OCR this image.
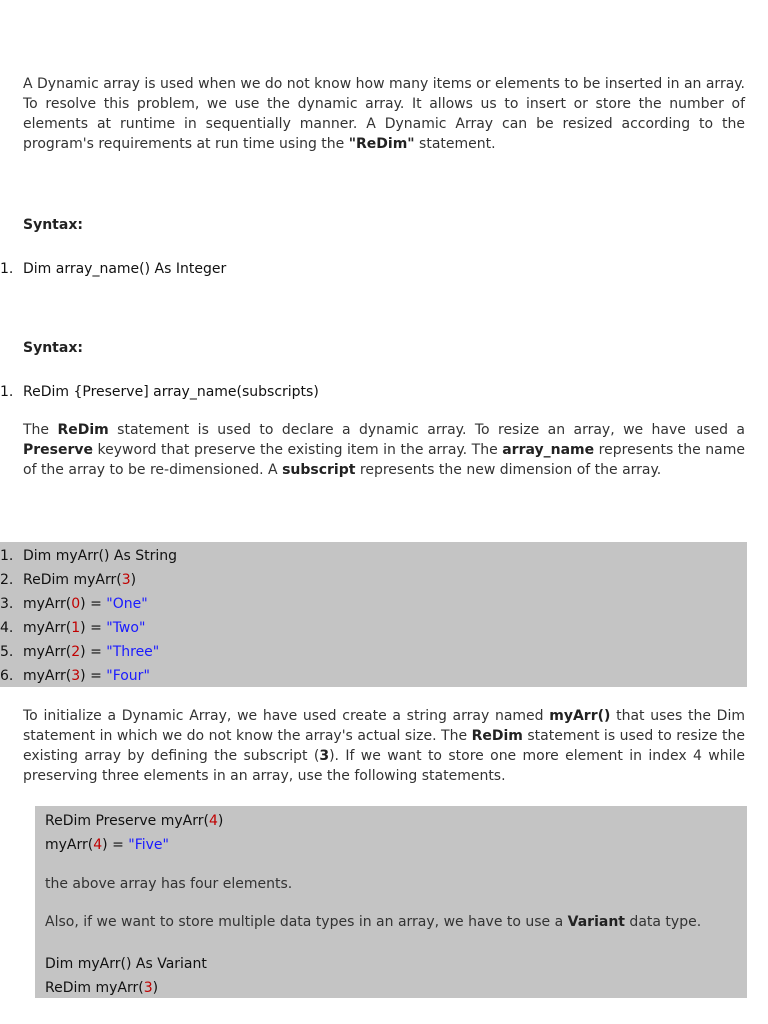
A Dynamic array is used when we do not know how many items or elements to be inserted in an array. To resolve this problem, we use the dynamic array. It allows us to insert or store the number of elements at runtime in sequentially manner. A Dynamic Array can be resized according to the program's requirements at run time using the "ReDim" statement.

Syntax:

1. Dim array_name() As Integer

Syntax:

1. ReDim {Preserve] array_name(subscripts)

The ReDim statement is used to declare a dynamic array. To resize an array, we have used a Preserve keyword that preserve the existing item in the array. The array_name represents the name of the array to be re-dimensioned. A subscript represents the new dimension of the array.

1. Dim myArr() As String
2. ReDim myArr(3)
3. myArr(0) = "One"
4. myArr(1) = "Two"
5. myArr(2) = "Three"
6. myArr(3) = "Four"

To initialize a Dynamic Array, we have used create a string array named myArr() that uses the Dim statement in which we do not know the array's actual size. The ReDim statement is used to resize the existing array by defining the subscript (3). If we want to store one more element in index 4 while preserving three elements in an array, use the following statements.

ReDim Preserve myArr(4)
myArr(4) = "Five"
the above array has four elements.
Also, if we want to store multiple data types in an array, we have to use a Variant data type.
Dim myArr() As Variant
ReDim myArr(3)
